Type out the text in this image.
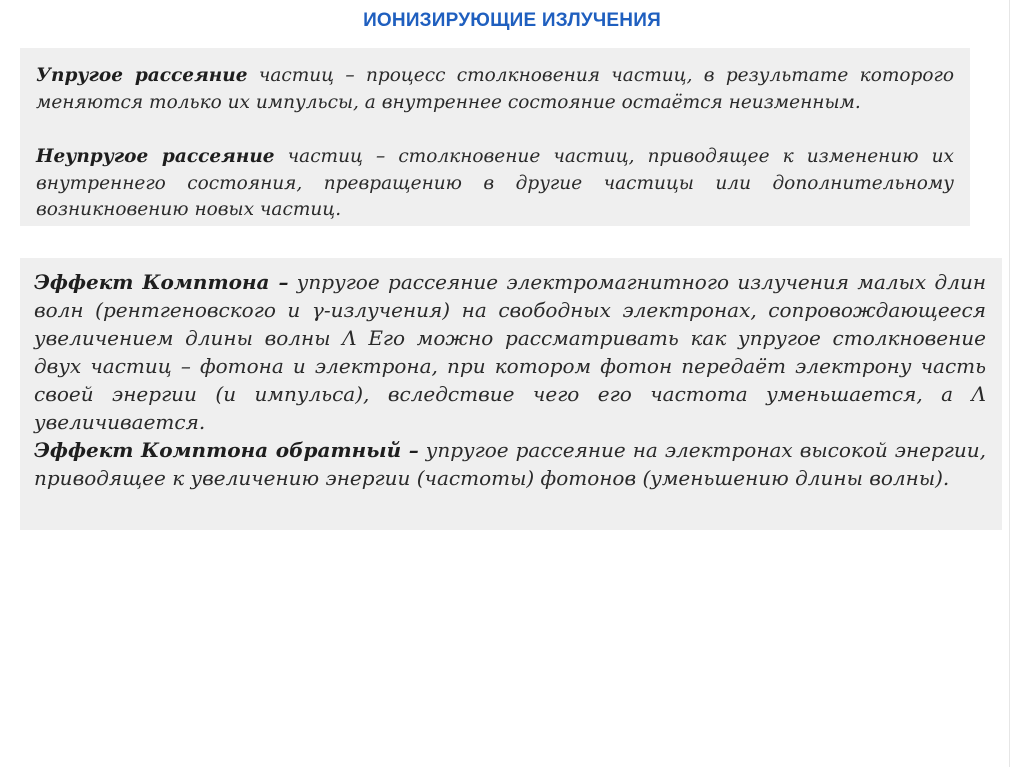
ИОНИЗИРУЮЩИЕ ИЗЛУЧЕНИЯ

Упругое рассеяние частиц – процесс столкновения частиц, в результате которого меняются только их импульсы, а внутреннее состояние остаётся неизменным.

Неупругое рассеяние частиц – столкновение частиц, приводящее к изменению их внутреннего состояния, превращению в другие частицы или дополнительному возникновению новых частиц.

Эффект Комптона – упругое рассеяние электромагнитного излучения малых длин волн (рентгеновского и γ-излучения) на свободных электронах, сопровождающееся увеличением длины волны Λ Его можно рассматривать как упругое столкновение двух частиц – фотона и электрона, при котором фотон передаёт электрону часть своей энергии (и импульса), вследствие чего его частота уменьшается, а Λ увеличивается.

Эффект Комптона обратный – упругое рассеяние на электронах высокой энергии, приводящее к увеличению энергии (частоты) фотонов (уменьшению длины волны).
